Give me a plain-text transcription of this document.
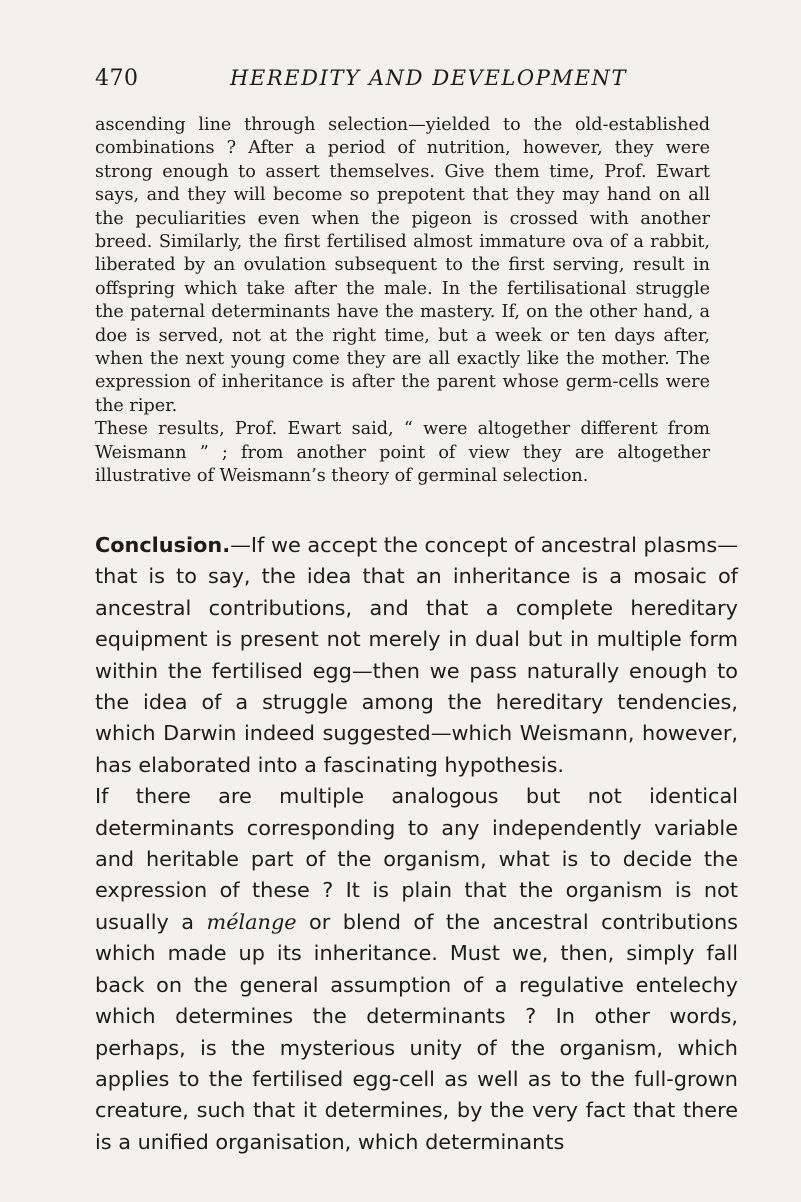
470	HEREDITY AND DEVELOPMENT

ascending line through selection—yielded to the old-established combinations ? After a period of nutrition, however, they were strong enough to assert themselves. Give them time, Prof. Ewart says, and they will become so prepotent that they may hand on all the peculiarities even when the pigeon is crossed with another breed. Similarly, the first fertilised almost immature ova of a rabbit, liberated by an ovulation subsequent to the first serving, result in offspring which take after the male. In the fertilisational struggle the paternal determinants have the mastery. If, on the other hand, a doe is served, not at the right time, but a week or ten days after, when the next young come they are all exactly like the mother. The expression of inheritance is after the parent whose germ-cells were the riper.

These results, Prof. Ewart said, “ were altogether different from Weismann ” ; from another point of view they are altogether illustrative of Weismann’s theory of germinal selection.

Conclusion.—If we accept the concept of ancestral plasms—that is to say, the idea that an inheritance is a mosaic of ancestral contributions, and that a complete hereditary equipment is present not merely in dual but in multiple form within the fertilised egg—then we pass naturally enough to the idea of a struggle among the hereditary tendencies, which Darwin indeed suggested—which Weismann, however, has elaborated into a fascinating hypothesis.

If there are multiple analogous but not identical determinants corresponding to any independently variable and heritable part of the organism, what is to decide the expression of these ? It is plain that the organism is not usually a mélange or blend of the ancestral contributions which made up its inheritance. Must we, then, simply fall back on the general assumption of a regulative entelechy which determines the determinants ? In other words, perhaps, is the mysterious unity of the organism, which applies to the fertilised egg-cell as well as to the full-grown creature, such that it determines, by the very fact that there is a unified organisation, which determinants
